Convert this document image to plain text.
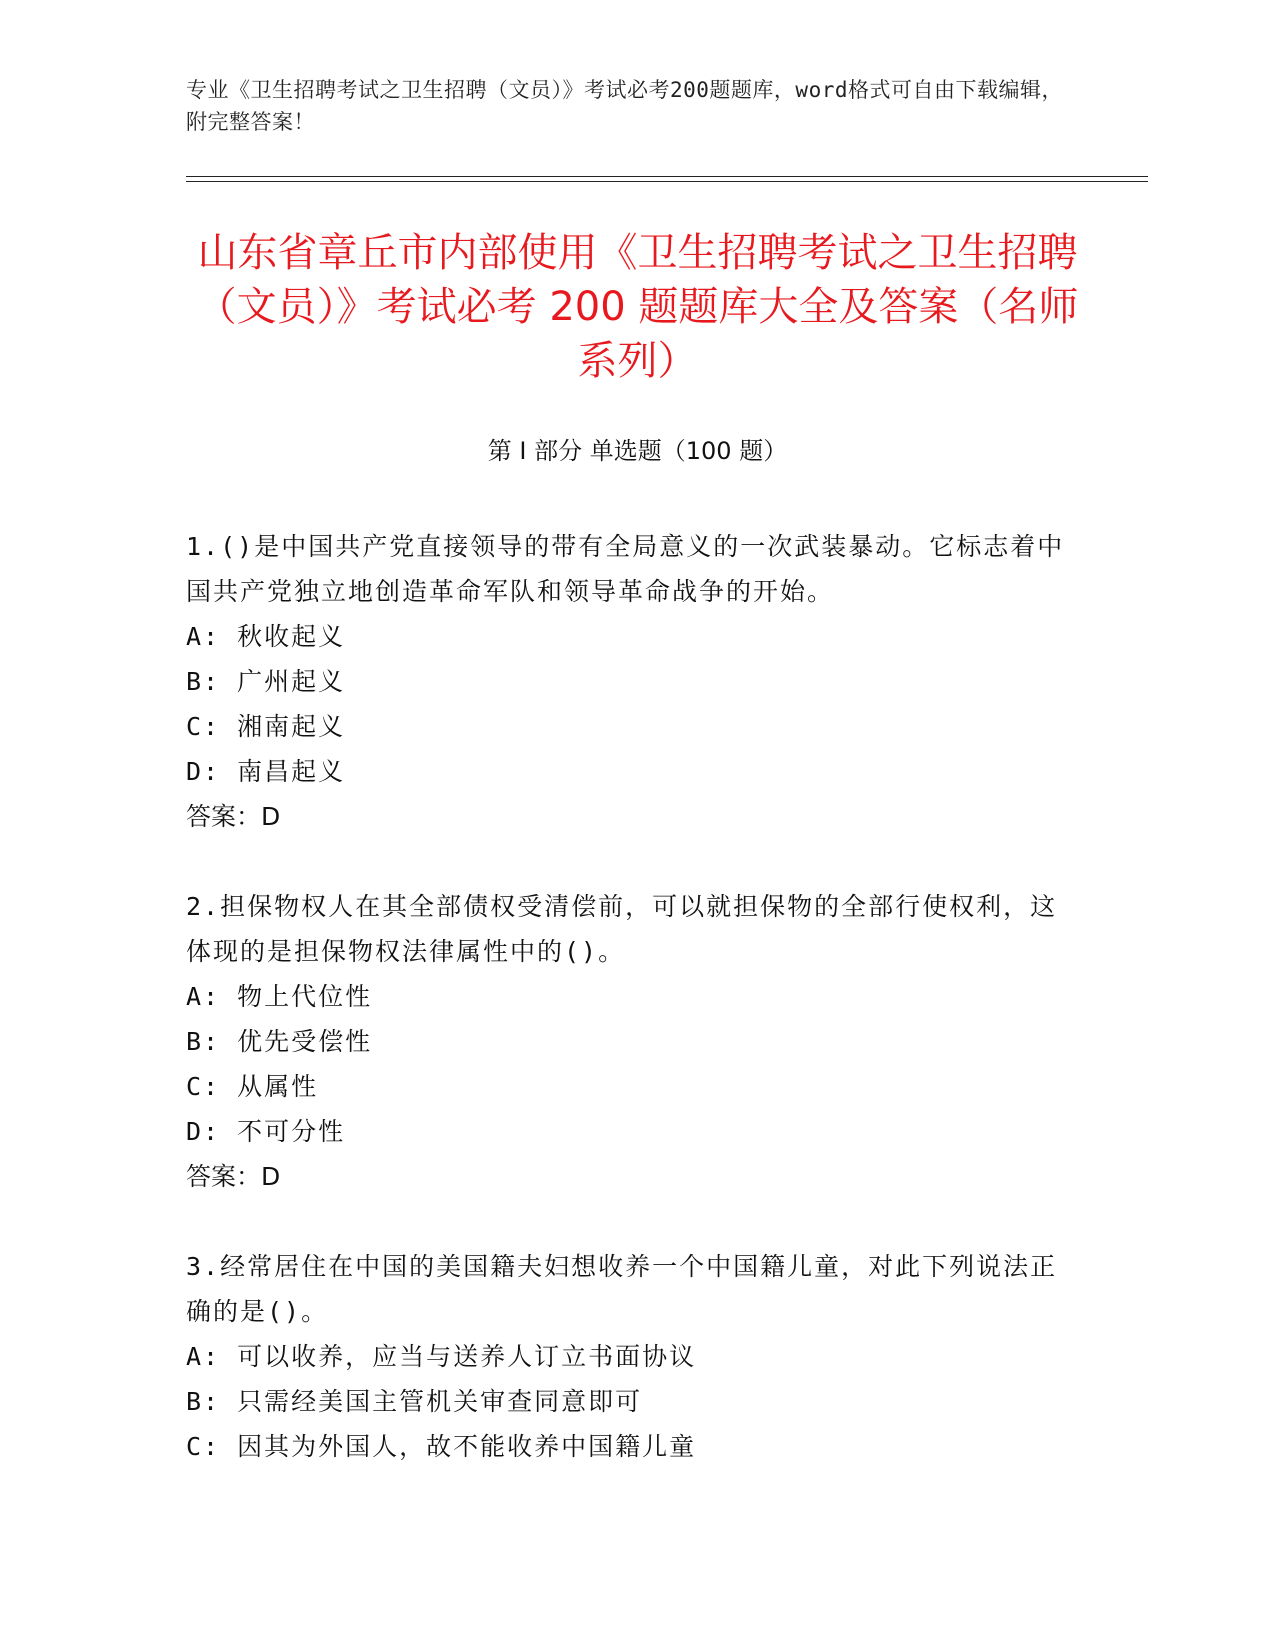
专业《卫生招聘考试之卫生招聘（文员）》考试必考200题题库，word格式可自由下载编辑，附完整答案！
山东省章丘市内部使用《卫生招聘考试之卫生招聘（文员）》考试必考 200 题题库大全及答案（名师系列）
第 I 部分 单选题（100 题）

1.()是中国共产党直接领导的带有全局意义的一次武装暴动。它标志着中国共产党独立地创造革命军队和领导革命战争的开始。

A: 秋收起义

B: 广州起义

C: 湘南起义

D: 南昌起义

答案：D

2.担保物权人在其全部债权受清偿前，可以就担保物的全部行使权利，这体现的是担保物权法律属性中的()。

A: 物上代位性

B: 优先受偿性

C: 从属性

D: 不可分性

答案：D

3.经常居住在中国的美国籍夫妇想收养一个中国籍儿童，对此下列说法正确的是()。

A: 可以收养，应当与送养人订立书面协议

B: 只需经美国主管机关审查同意即可

C: 因其为外国人，故不能收养中国籍儿童
